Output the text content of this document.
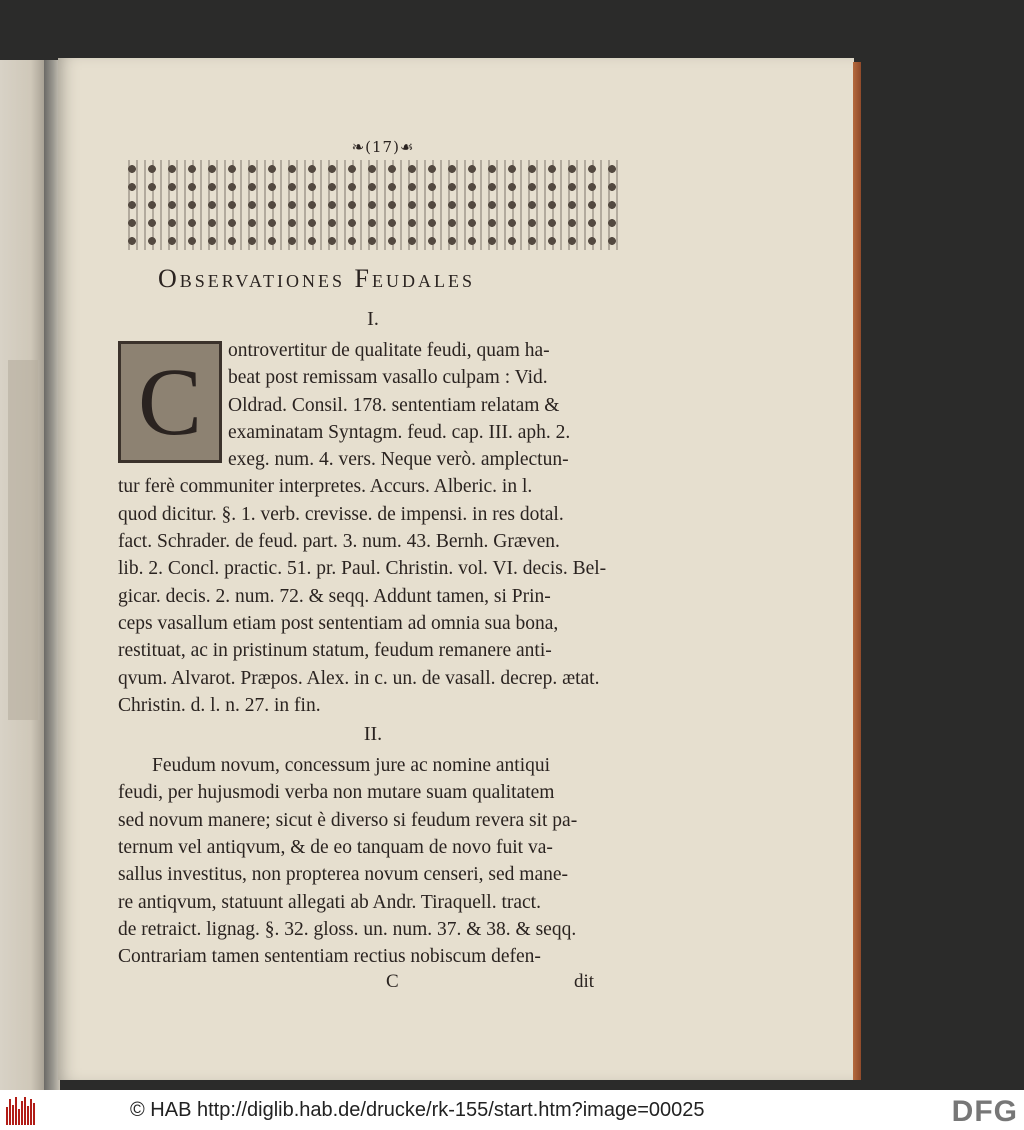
❧(17)☙
Observationes Feudales
I.
C	ontrovertitur de qualitate feudi, quam ha-
beat post remissam vasallo culpam : Vid.
Oldrad. Consil. 178. sententiam relatam &
examinatam Syntagm. feud. cap. III. aph. 2.
exeg. num. 4. vers. Neque verò. amplectun-
tur ferè communiter interpretes. Accurs. Alberic. in l.
quod dicitur. §. 1. verb. crevisse. de impensi. in res dotal.
fact. Schrader. de feud. part. 3. num. 43. Bernh. Græven.
lib. 2. Concl. practic. 51. pr. Paul. Christin. vol. VI. decis. Bel-
gicar. decis. 2. num. 72. & seqq. Addunt tamen, si Prin-
ceps vasallum etiam post sententiam ad omnia sua bona,
restituat, ac in pristinum statum, feudum remanere anti-
qvum. Alvarot. Præpos. Alex. in c. un. de vasall. decrep. ætat.
Christin. d. l. n. 27. in fin.
II.
Feudum novum, concessum jure ac nomine antiqui
feudi, per hujusmodi verba non mutare suam qualitatem
sed novum manere; sicut è diverso si feudum revera sit pa-
ternum vel antiqvum, & de eo tanquam de novo fuit va-
sallus investitus, non propterea novum censeri, sed mane-
re antiqvum, statuunt allegati ab Andr. Tiraquell. tract.
de retraict. lignag. §. 32. gloss. un. num. 37. & 38. & seqq.
Contrariam tamen sententiam rectius nobiscum defen-
C	dit
© HAB http://diglib.hab.de/drucke/rk-155/start.htm?image=00025	DFG
